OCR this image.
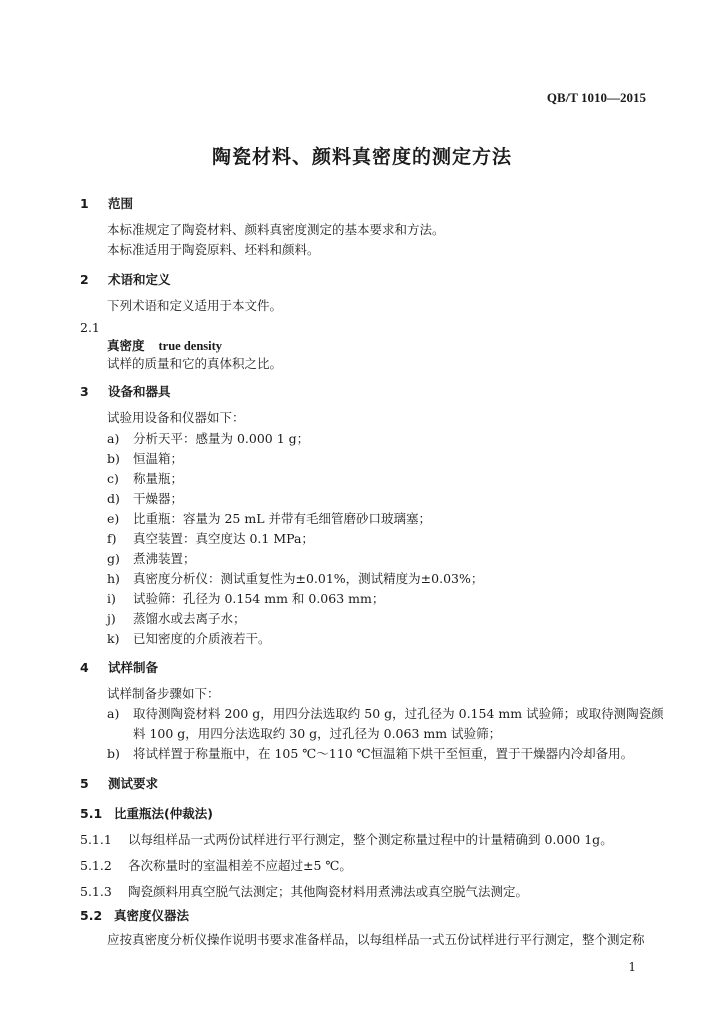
QB/T 1010—2015
陶瓷材料、颜料真密度的测定方法
1 范围
本标准规定了陶瓷材料、颜料真密度测定的基本要求和方法。
本标准适用于陶瓷原料、坯料和颜料。
2 术语和定义
下列术语和定义适用于本文件。
2.1
真密度 true density
试样的质量和它的真体积之比。
3 设备和器具
试验用设备和仪器如下：
a) 分析天平：感量为 0.000 1 g；
b) 恒温箱；
c) 称量瓶；
d) 干燥器；
e) 比重瓶：容量为 25 mL 并带有毛细管磨砂口玻璃塞；
f) 真空装置：真空度达 0.1 MPa；
g) 煮沸装置；
h) 真密度分析仪：测试重复性为±0.01%，测试精度为±0.03%；
i) 试验筛：孔径为 0.154 mm 和 0.063 mm；
j) 蒸馏水或去离子水；
k) 已知密度的介质液若干。
4 试样制备
试样制备步骤如下：
a) 取待测陶瓷材料 200 g，用四分法选取约 50 g，过孔径为 0.154 mm 试验筛；或取待测陶瓷颜
料 100 g，用四分法选取约 30 g，过孔径为 0.063 mm 试验筛；
b) 将试样置于称量瓶中，在 105 ℃～110 ℃恒温箱下烘干至恒重，置于干燥器内冷却备用。
5 测试要求
5.1 比重瓶法(仲裁法)
5.1.1 以每组样品一式两份试样进行平行测定，整个测定称量过程中的计量精确到 0.000 1g。
5.1.2 各次称量时的室温相差不应超过±5 ℃。
5.1.3 陶瓷颜料用真空脱气法测定；其他陶瓷材料用煮沸法或真空脱气法测定。
5.2 真密度仪器法
应按真密度分析仪操作说明书要求准备样品，以每组样品一式五份试样进行平行测定，整个测定称
1
